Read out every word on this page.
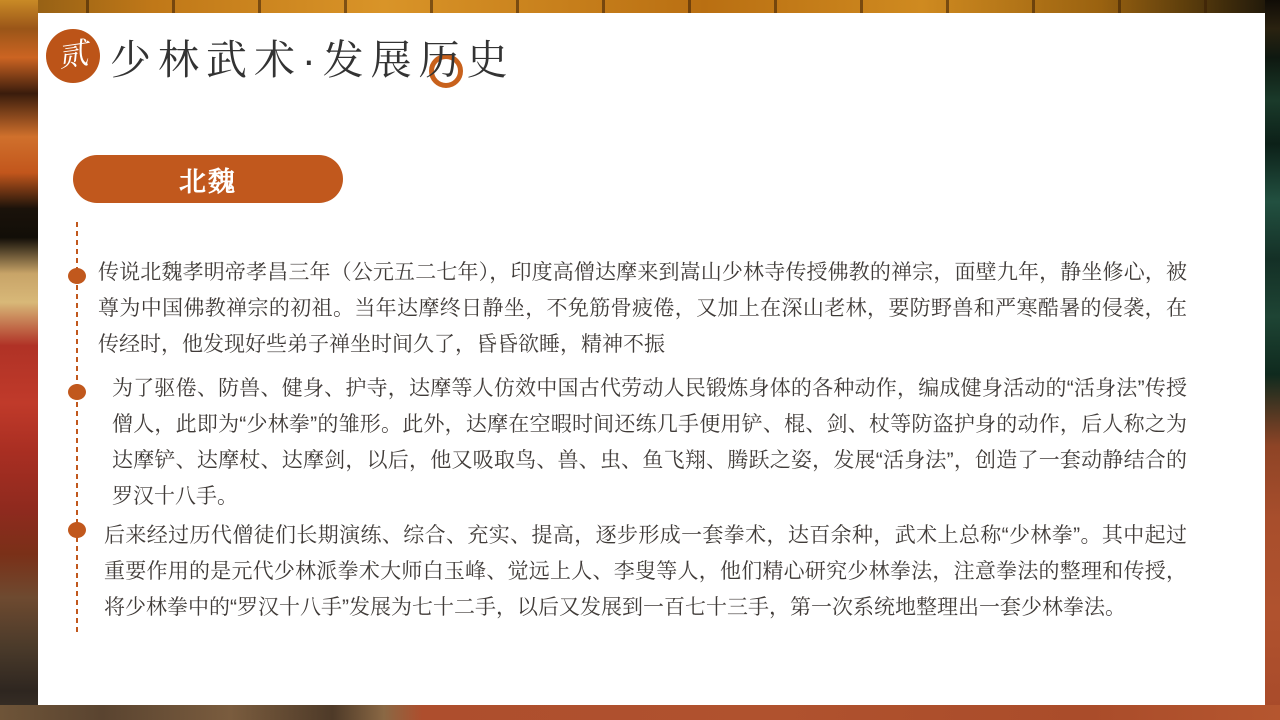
贰 少林武术·发展历史
北魏

传说北魏孝明帝孝昌三年（公元五二七年），印度高僧达摩来到嵩山少林寺传授佛教的禅宗，面壁九年，静坐修心，被尊为中国佛教禅宗的初祖。当年达摩终日静坐，不免筋骨疲倦，又加上在深山老林，要防野兽和严寒酷暑的侵袭，在传经时，他发现好些弟子禅坐时间久了，昏昏欲睡，精神不振

为了驱倦、防兽、健身、护寺，达摩等人仿效中国古代劳动人民锻炼身体的各种动作，编成健身活动的“活身法”传授僧人，此即为“少林拳”的雏形。此外，达摩在空暇时间还练几手便用铲、棍、剑、杖等防盗护身的动作，后人称之为达摩铲、达摩杖、达摩剑，以后，他又吸取鸟、兽、虫、鱼飞翔、腾跃之姿，发展“活身法”，创造了一套动静结合的罗汉十八手。

后来经过历代僧徒们长期演练、综合、充实、提高，逐步形成一套拳术，达百余种，武术上总称“少林拳”。其中起过重要作用的是元代少林派拳术大师白玉峰、觉远上人、李叟等人，他们精心研究少林拳法，注意拳法的整理和传授，将少林拳中的“罗汉十八手”发展为七十二手，以后又发展到一百七十三手，第一次系统地整理出一套少林拳法。
